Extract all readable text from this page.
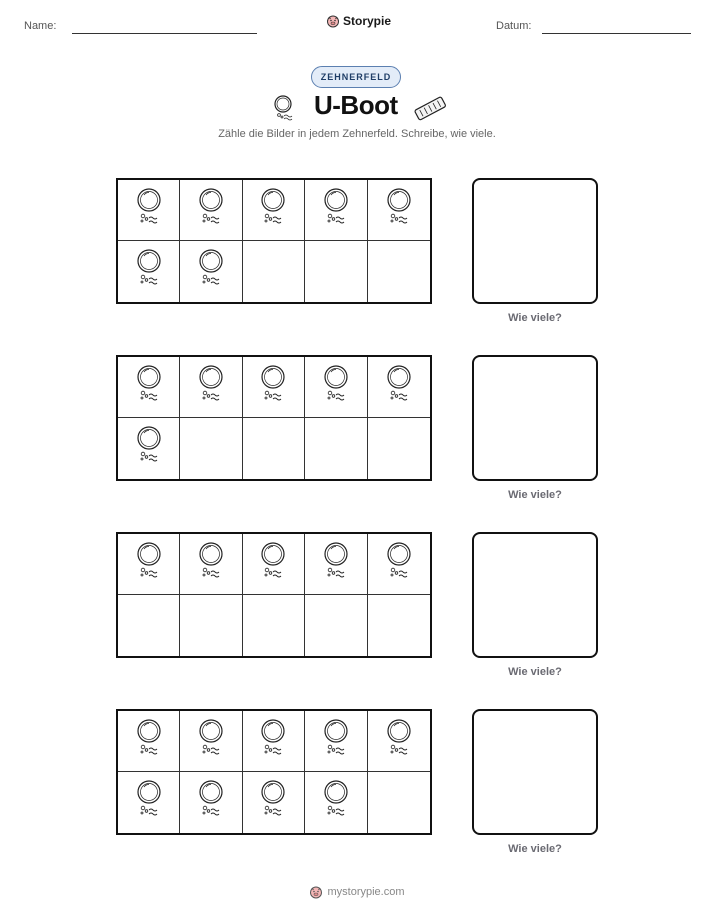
Name:	Storypie	Datum:
ZEHNERFELD
U-Boot
Zähle die Bilder in jedem Zehnerfeld. Schreibe, wie viele.
Wie viele?
Wie viele?
Wie viele?
Wie viele?
mystorypie.com
